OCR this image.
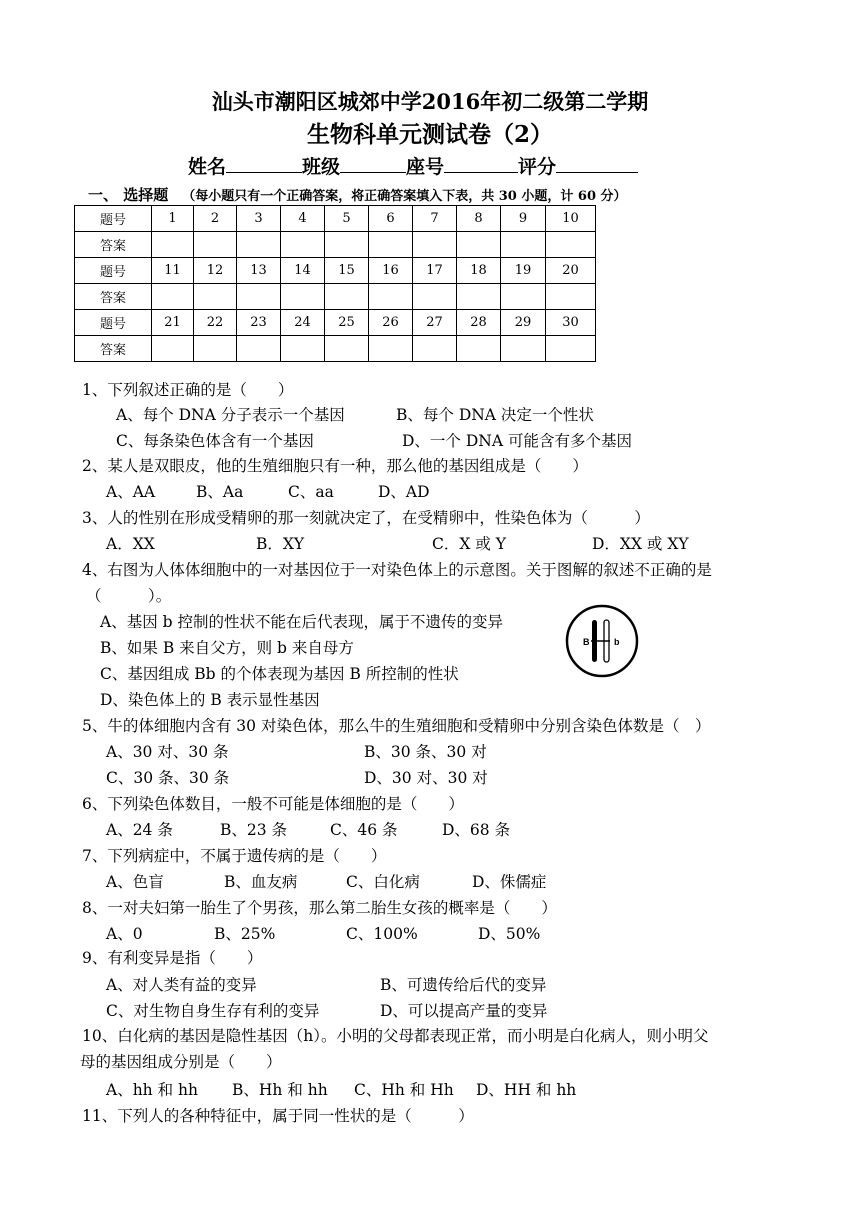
汕头市潮阳区城郊中学2016年初二级第二学期
生物科单元测试卷（2）
姓名	班级	座号	评分
一、 选择题 （每小题只有一个正确答案，将正确答案填入下表，共 30 小题，计 60 分）
题号	1	2	3	4	5	6	7	8	9	10
答案										
题号	11	12	13	14	15	16	17	18	19	20
答案										
题号	21	22	23	24	25	26	27	28	29	30
答案										
1、下列叙述正确的是（　　）
A、每个 DNA 分子表示一个基因	B、每个 DNA 决定一个性状
C、每条染色体含有一个基因	D、一个 DNA 可能含有多个基因
2、某人是双眼皮，他的生殖细胞只有一种，那么他的基因组成是（　　）
A、AA	B、Aa	C、aa	D、AD
3、人的性别在形成受精卵的那一刻就决定了，在受精卵中，性染色体为（　　　）
A．XX	B．XY	C．X 或 Y	D．XX 或 XY
4、右图为人体体细胞中的一对基因位于一对染色体上的示意图。关于图解的叙述不正确的是
（　　　）。
A、基因 b 控制的性状不能在后代表现，属于不遗传的变异
B、如果 B 来自父方，则 b 来自母方
C、基因组成 Bb 的个体表现为基因 B 所控制的性状
D、染色体上的 B 表示显性基因
5、牛的体细胞内含有 30 对染色体，那么牛的生殖细胞和受精卵中分别含染色体数是（　）
A、30 对、30 条	B、30 条、30 对
C、30 条、30 条	D、30 对、30 对
6、下列染色体数目，一般不可能是体细胞的是（　　）
A、24 条	B、23 条	C、46 条	D、68 条
7、下列病症中，不属于遗传病的是（　　）
A、色盲	B、血友病	C、白化病	D、侏儒症
8、一对夫妇第一胎生了个男孩，那么第二胎生女孩的概率是（　　）
A、0	B、25%	C、100%	D、50%
9、有利变异是指（　　）
A、对人类有益的变异	B、可遗传给后代的变异
C、对生物自身生存有利的变异	D、可以提高产量的变异
10、白化病的基因是隐性基因（h）。小明的父母都表现正常，而小明是白化病人，则小明父
母的基因组成分别是（　　）
A、hh 和 hh B、Hh 和 hh C、Hh 和 Hh D、HH 和 hh
11、下列人的各种特征中，属于同一性状的是（　　　）
B	b
